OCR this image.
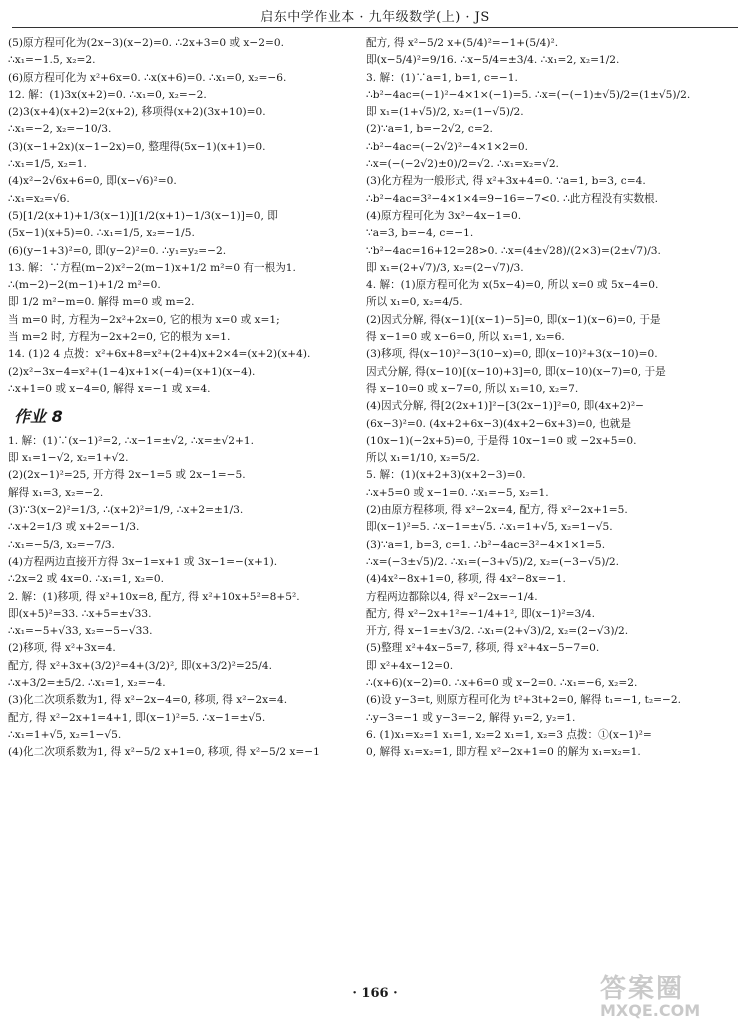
启东中学作业本 · 九年级数学(上) · JS
(5)原方程可化为(2x−3)(x−2)=0. ∴2x+3=0 或 x−2=0.
∴x₁=−1.5, x₂=2.
(6)原方程可化为 x²+6x=0. ∴x(x+6)=0. ∴x₁=0, x₂=−6.
12. 解：(1)3x(x+2)=0. ∴x₁=0, x₂=−2.
(2)3(x+4)(x+2)=2(x+2), 移项得(x+2)(3x+10)=0.
∴x₁=−2, x₂=−10/3.
(3)(x−1+2x)(x−1−2x)=0, 整理得(5x−1)(x+1)=0.
∴x₁=1/5, x₂=1.
(4)x²−2√6x+6=0, 即(x−√6)²=0.
∴x₁=x₂=√6.
(5)[1/2(x+1)+1/3(x−1)][1/2(x+1)−1/3(x−1)]=0, 即
(5x−1)(x+5)=0. ∴x₁=1/5, x₂=−1/5.
(6)(y−1+3)²=0, 即(y−2)²=0. ∴y₁=y₂=−2.
13. 解：∵方程(m−2)x²−2(m−1)x+1/2 m²=0 有一根为1.
∴(m−2)−2(m−1)+1/2 m²=0.
即 1/2 m²−m=0. 解得 m=0 或 m=2.
当 m=0 时, 方程为−2x²+2x=0, 它的根为 x=0 或 x=1;
当 m=2 时, 方程为−2x+2=0, 它的根为 x=1.
14. (1)2 4 点拨：x²+6x+8=x²+(2+4)x+2×4=(x+2)(x+4).
(2)x²−3x−4=x²+(1−4)x+1×(−4)=(x+1)(x−4).
∴x+1=0 或 x−4=0, 解得 x=−1 或 x=4.
作业 8
1. 解：(1)∵(x−1)²=2, ∴x−1=±√2, ∴x=±√2+1.
即 x₁=1−√2, x₂=1+√2.
(2)(2x−1)²=25, 开方得 2x−1=5 或 2x−1=−5.
解得 x₁=3, x₂=−2.
(3)∵3(x−2)²=1/3, ∴(x+2)²=1/9, ∴x+2=±1/3.
∴x+2=1/3 或 x+2=−1/3.
∴x₁=−5/3, x₂=−7/3.
(4)方程两边直接开方得 3x−1=x+1 或 3x−1=−(x+1).
∴2x=2 或 4x=0. ∴x₁=1, x₂=0.
2. 解：(1)移项, 得 x²+10x=8, 配方, 得 x²+10x+5²=8+5².
即(x+5)²=33. ∴x+5=±√33.
∴x₁=−5+√33, x₂=−5−√33.
(2)移项, 得 x²+3x=4.
配方, 得 x²+3x+(3/2)²=4+(3/2)², 即(x+3/2)²=25/4.
∴x+3/2=±5/2. ∴x₁=1, x₂=−4.
(3)化二次项系数为1, 得 x²−2x−4=0, 移项, 得 x²−2x=4.
配方, 得 x²−2x+1=4+1, 即(x−1)²=5. ∴x−1=±√5.
∴x₁=1+√5, x₂=1−√5.
(4)化二次项系数为1, 得 x²−5/2 x+1=0, 移项, 得 x²−5/2 x=−1
配方, 得 x²−5/2 x+(5/4)²=−1+(5/4)².
即(x−5/4)²=9/16. ∴x−5/4=±3/4. ∴x₁=2, x₂=1/2.
3. 解：(1)∵a=1, b=1, c=−1.
∴b²−4ac=(−1)²−4×1×(−1)=5. ∴x=(−(−1)±√5)/2=(1±√5)/2.
即 x₁=(1+√5)/2, x₂=(1−√5)/2.
(2)∵a=1, b=−2√2, c=2.
∴b²−4ac=(−2√2)²−4×1×2=0.
∴x=(−(−2√2)±0)/2=√2. ∴x₁=x₂=√2.
(3)化方程为一般形式, 得 x²+3x+4=0. ∵a=1, b=3, c=4.
∴b²−4ac=3²−4×1×4=9−16=−7<0. ∴此方程没有实数根.
(4)原方程可化为 3x²−4x−1=0.
∵a=3, b=−4, c=−1.
∵b²−4ac=16+12=28>0. ∴x=(4±√28)/(2×3)=(2±√7)/3.
即 x₁=(2+√7)/3, x₂=(2−√7)/3.
4. 解：(1)原方程可化为 x(5x−4)=0, 所以 x=0 或 5x−4=0.
所以 x₁=0, x₂=4/5.
(2)因式分解, 得(x−1)[(x−1)−5]=0, 即(x−1)(x−6)=0, 于是
得 x−1=0 或 x−6=0, 所以 x₁=1, x₂=6.
(3)移项, 得(x−10)²−3(10−x)=0, 即(x−10)²+3(x−10)=0.
因式分解, 得(x−10)[(x−10)+3]=0, 即(x−10)(x−7)=0, 于是
得 x−10=0 或 x−7=0, 所以 x₁=10, x₂=7.
(4)因式分解, 得[2(2x+1)]²−[3(2x−1)]²=0, 即(4x+2)²−
(6x−3)²=0. (4x+2+6x−3)(4x+2−6x+3)=0, 也就是
(10x−1)(−2x+5)=0, 于是得 10x−1=0 或 −2x+5=0.
所以 x₁=1/10, x₂=5/2.
5. 解：(1)(x+2+3)(x+2−3)=0.
∴x+5=0 或 x−1=0. ∴x₁=−5, x₂=1.
(2)由原方程移项, 得 x²−2x=4, 配方, 得 x²−2x+1=5.
即(x−1)²=5. ∴x−1=±√5. ∴x₁=1+√5, x₂=1−√5.
(3)∵a=1, b=3, c=1. ∴b²−4ac=3²−4×1×1=5.
∴x=(−3±√5)/2. ∴x₁=(−3+√5)/2, x₂=(−3−√5)/2.
(4)4x²−8x+1=0, 移项, 得 4x²−8x=−1.
方程两边都除以4, 得 x²−2x=−1/4.
配方, 得 x²−2x+1²=−1/4+1², 即(x−1)²=3/4.
开方, 得 x−1=±√3/2. ∴x₁=(2+√3)/2, x₂=(2−√3)/2.
(5)整理 x²+4x−5=7, 移项, 得 x²+4x−5−7=0.
即 x²+4x−12=0.
∴(x+6)(x−2)=0. ∴x+6=0 或 x−2=0. ∴x₁=−6, x₂=2.
(6)设 y−3=t, 则原方程可化为 t²+3t+2=0, 解得 t₁=−1, t₂=−2.
∴y−3=−1 或 y−3=−2, 解得 y₁=2, y₂=1.
6. (1)x₁=x₂=1 x₁=1, x₂=2 x₁=1, x₂=3 点拨：①(x−1)²=
0, 解得 x₁=x₂=1, 即方程 x²−2x+1=0 的解为 x₁=x₂=1.
· 166 ·	答案圈
MXQE.COM
